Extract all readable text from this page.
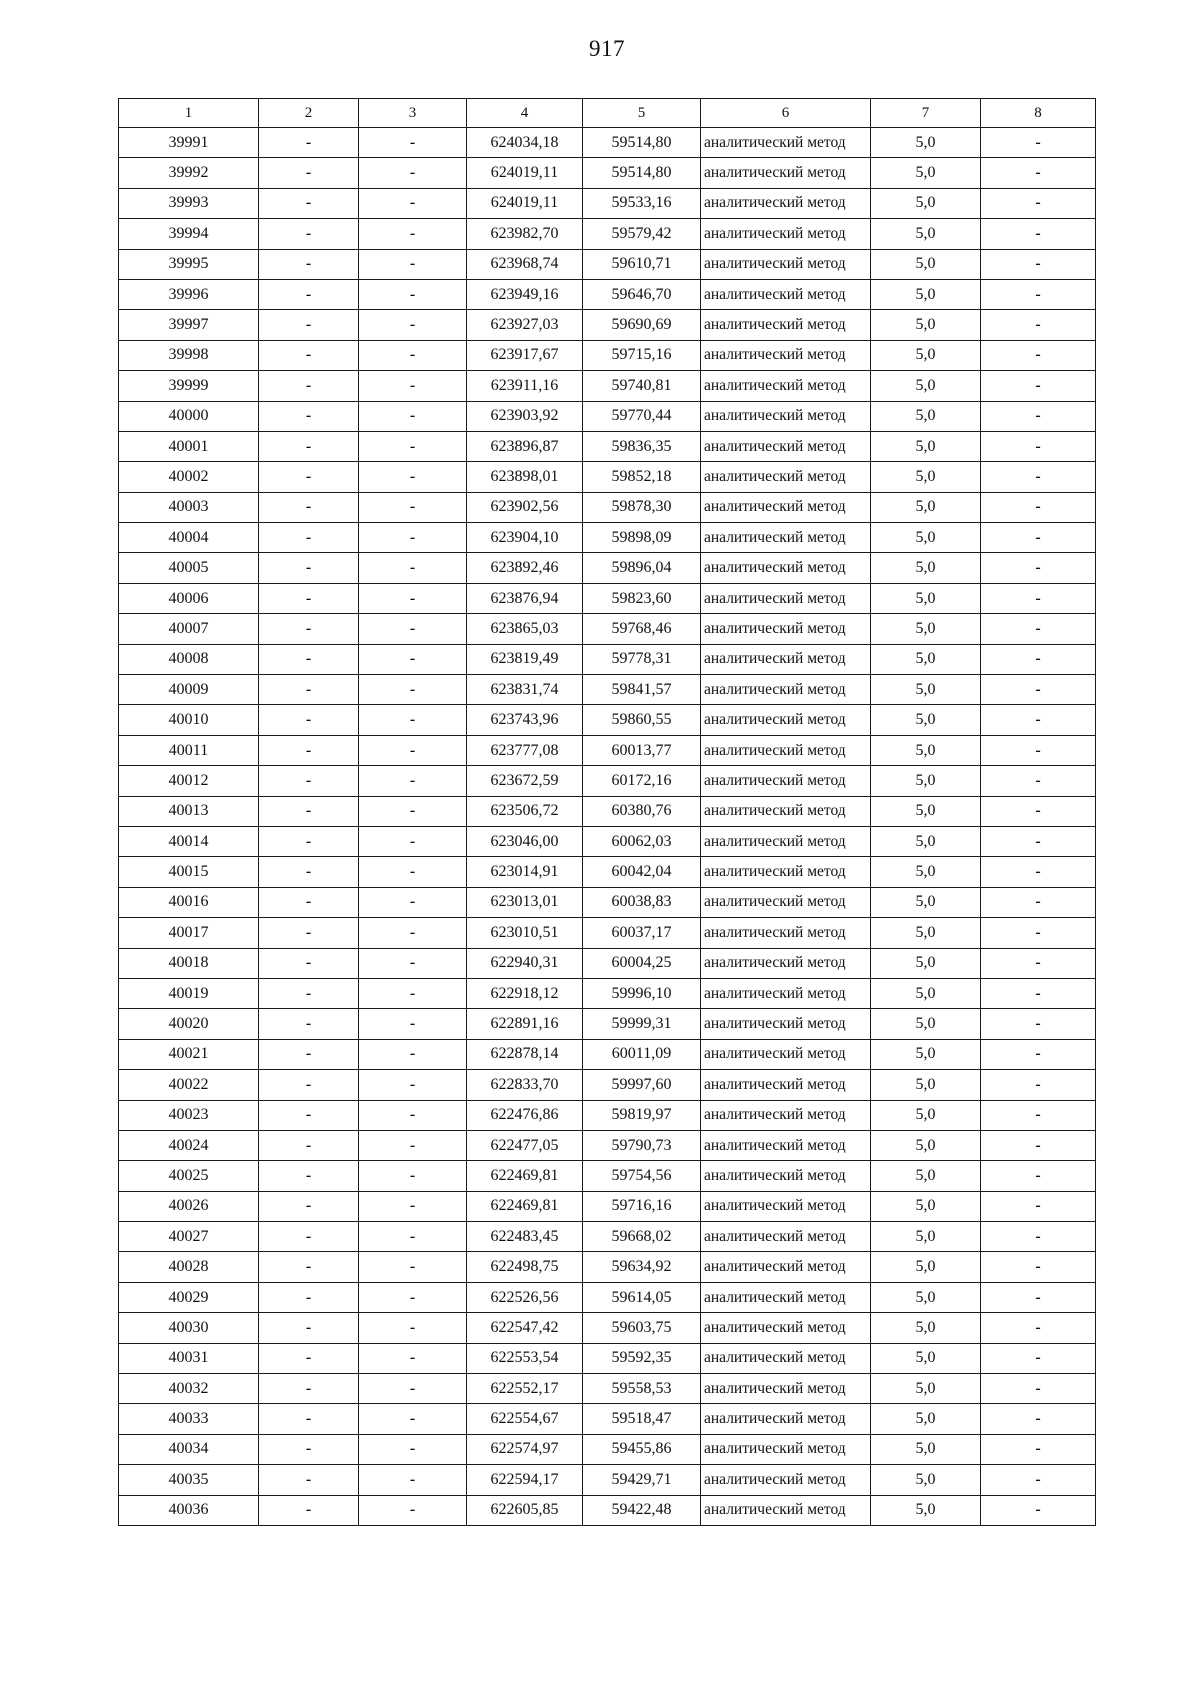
917
1	2	3	4	5	6	7	8
39991	-	-	624034,18	59514,80	аналитический метод	5,0	-
39992	-	-	624019,11	59514,80	аналитический метод	5,0	-
39993	-	-	624019,11	59533,16	аналитический метод	5,0	-
39994	-	-	623982,70	59579,42	аналитический метод	5,0	-
39995	-	-	623968,74	59610,71	аналитический метод	5,0	-
39996	-	-	623949,16	59646,70	аналитический метод	5,0	-
39997	-	-	623927,03	59690,69	аналитический метод	5,0	-
39998	-	-	623917,67	59715,16	аналитический метод	5,0	-
39999	-	-	623911,16	59740,81	аналитический метод	5,0	-
40000	-	-	623903,92	59770,44	аналитический метод	5,0	-
40001	-	-	623896,87	59836,35	аналитический метод	5,0	-
40002	-	-	623898,01	59852,18	аналитический метод	5,0	-
40003	-	-	623902,56	59878,30	аналитический метод	5,0	-
40004	-	-	623904,10	59898,09	аналитический метод	5,0	-
40005	-	-	623892,46	59896,04	аналитический метод	5,0	-
40006	-	-	623876,94	59823,60	аналитический метод	5,0	-
40007	-	-	623865,03	59768,46	аналитический метод	5,0	-
40008	-	-	623819,49	59778,31	аналитический метод	5,0	-
40009	-	-	623831,74	59841,57	аналитический метод	5,0	-
40010	-	-	623743,96	59860,55	аналитический метод	5,0	-
40011	-	-	623777,08	60013,77	аналитический метод	5,0	-
40012	-	-	623672,59	60172,16	аналитический метод	5,0	-
40013	-	-	623506,72	60380,76	аналитический метод	5,0	-
40014	-	-	623046,00	60062,03	аналитический метод	5,0	-
40015	-	-	623014,91	60042,04	аналитический метод	5,0	-
40016	-	-	623013,01	60038,83	аналитический метод	5,0	-
40017	-	-	623010,51	60037,17	аналитический метод	5,0	-
40018	-	-	622940,31	60004,25	аналитический метод	5,0	-
40019	-	-	622918,12	59996,10	аналитический метод	5,0	-
40020	-	-	622891,16	59999,31	аналитический метод	5,0	-
40021	-	-	622878,14	60011,09	аналитический метод	5,0	-
40022	-	-	622833,70	59997,60	аналитический метод	5,0	-
40023	-	-	622476,86	59819,97	аналитический метод	5,0	-
40024	-	-	622477,05	59790,73	аналитический метод	5,0	-
40025	-	-	622469,81	59754,56	аналитический метод	5,0	-
40026	-	-	622469,81	59716,16	аналитический метод	5,0	-
40027	-	-	622483,45	59668,02	аналитический метод	5,0	-
40028	-	-	622498,75	59634,92	аналитический метод	5,0	-
40029	-	-	622526,56	59614,05	аналитический метод	5,0	-
40030	-	-	622547,42	59603,75	аналитический метод	5,0	-
40031	-	-	622553,54	59592,35	аналитический метод	5,0	-
40032	-	-	622552,17	59558,53	аналитический метод	5,0	-
40033	-	-	622554,67	59518,47	аналитический метод	5,0	-
40034	-	-	622574,97	59455,86	аналитический метод	5,0	-
40035	-	-	622594,17	59429,71	аналитический метод	5,0	-
40036	-	-	622605,85	59422,48	аналитический метод	5,0	-
